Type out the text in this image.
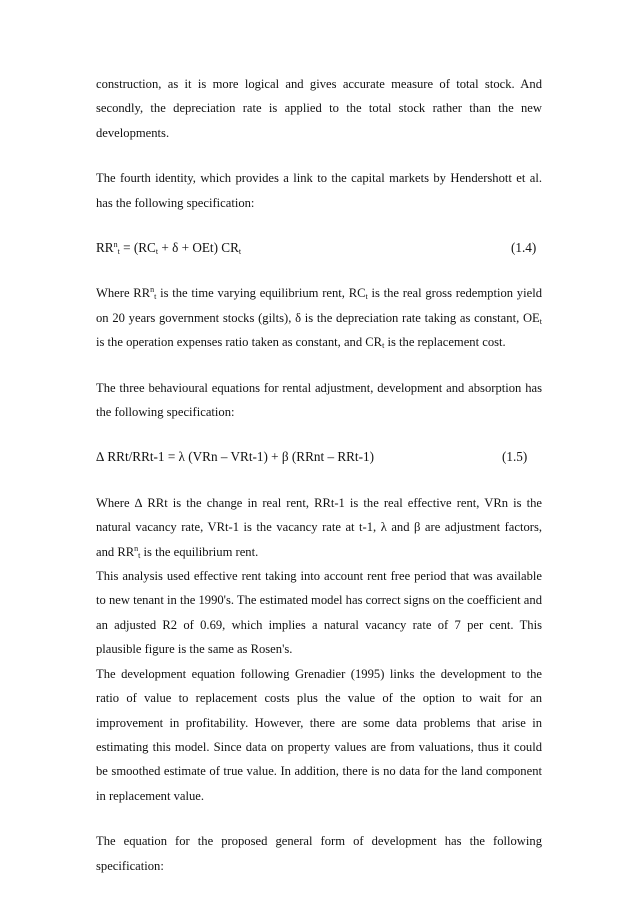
construction, as it is more logical and gives accurate measure of total stock. And secondly, the depreciation rate is applied to the total stock rather than the new developments.

The fourth identity, which provides a link to the capital markets by Hendershott et al. has the following specification:

$RR^n_t = (RC_t + \delta + OEt)$ $CR_t$	(1.4)

Where $RR^n_t$ is the time varying equilibrium rent, $RC_t$ is the real gross redemption yield on 20 years government stocks (gilts), δ is the depreciation rate taking as constant, $OE_t$ is the operation expenses ratio taken as constant, and $CR_t$ is the replacement cost.

The three behavioural equations for rental adjustment, development and absorption has the following specification:

∆ RRt/RRt-1 = λ (VRn – VRt-1) + β (RRnt – RRt-1)	(1.5)

Where ∆ RRt is the change in real rent, RRt-1 is the real effective rent, VRn is the natural vacancy rate, VRt-1 is the vacancy rate at t-1, λ and β are adjustment factors, and $RR^n_t$ is the equilibrium rent.

This analysis used effective rent taking into account rent free period that was available to new tenant in the 1990's. The estimated model has correct signs on the coefficient and an adjusted R2 of 0.69, which implies a natural vacancy rate of 7 per cent. This plausible figure is the same as Rosen's.

The development equation following Grenadier (1995) links the development to the ratio of value to replacement costs plus the value of the option to wait for an improvement in profitability. However, there are some data problems that arise in estimating this model. Since data on property values are from valuations, thus it could be smoothed estimate of true value. In addition, there is no data for the land component in replacement value.

The equation for the proposed general form of development has the following specification:
